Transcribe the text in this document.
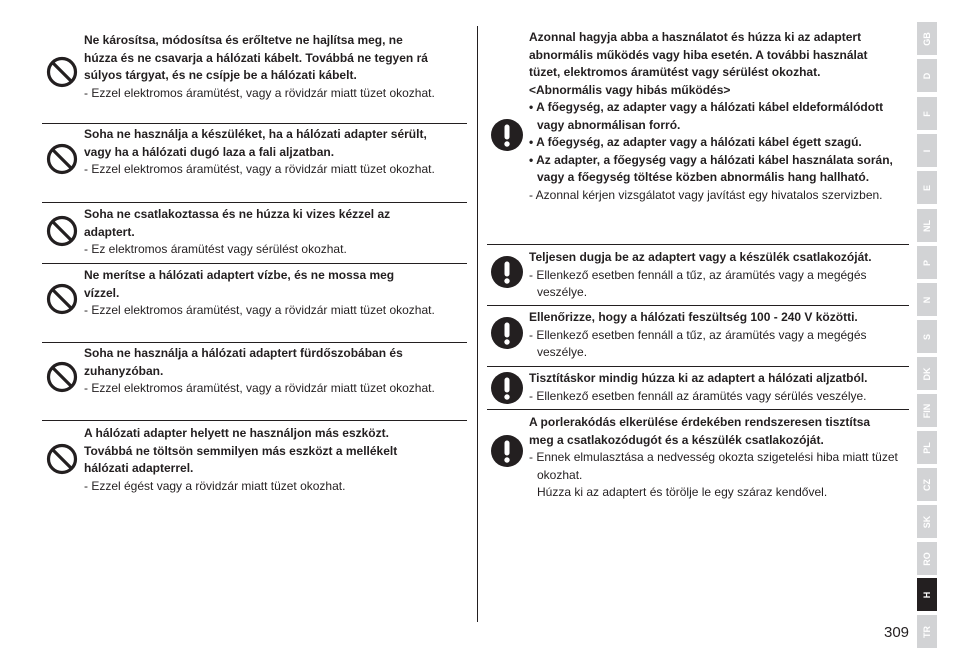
Ne károsítsa, módosítsa és erőltetve ne hajlítsa meg, ne
húzza és ne csavarja a hálózati kábelt. Továbbá ne tegyen rá
súlyos tárgyat, és ne csípje be a hálózati kábelt.
- Ezzel elektromos áramütést, vagy a rövidzár miatt tüzet okozhat.
Soha ne használja a készüléket, ha a hálózati adapter sérült,
vagy ha a hálózati dugó laza a fali aljzatban.
- Ezzel elektromos áramütést, vagy a rövidzár miatt tüzet okozhat.
Soha ne csatlakoztassa és ne húzza ki vizes kézzel az
adaptert.
- Ez elektromos áramütést vagy sérülést okozhat.
Ne merítse a hálózati adaptert vízbe, és ne mossa meg
vízzel.
- Ezzel elektromos áramütést, vagy a rövidzár miatt tüzet okozhat.
Soha ne használja a hálózati adaptert fürdőszobában és
zuhanyzóban.
- Ezzel elektromos áramütést, vagy a rövidzár miatt tüzet okozhat.
A hálózati adapter helyett ne használjon más eszközt.
Továbbá ne töltsön semmilyen más eszközt a mellékelt
hálózati adapterrel.
- Ezzel égést vagy a rövidzár miatt tüzet okozhat.
Azonnal hagyja abba a használatot és húzza ki az adaptert
abnormális működés vagy hiba esetén. A további használat
tüzet, elektromos áramütést vagy sérülést okozhat.
<Abnormális vagy hibás működés>
• A főegység, az adapter vagy a hálózati kábel eldeformálódott vagy abnormálisan forró.
• A főegység, az adapter vagy a hálózati kábel égett szagú.
• Az adapter, a főegység vagy a hálózati kábel használata során, vagy a főegység töltése közben abnormális hang hallható.
- Azonnal kérjen vizsgálatot vagy javítást egy hivatalos szervizben.
Teljesen dugja be az adaptert vagy a készülék csatlakozóját.
- Ellenkező esetben fennáll a tűz, az áramütés vagy a megégés veszélye.
Ellenőrizze, hogy a hálózati feszültség 100 - 240 V közötti.
- Ellenkező esetben fennáll a tűz, az áramütés vagy a megégés veszélye.
Tisztításkor mindig húzza ki az adaptert a hálózati aljzatból.
- Ellenkező esetben fennáll az áramütés vagy sérülés veszélye.
A porlerakódás elkerülése érdekében rendszeresen tisztítsa
meg a csatlakozódugót és a készülék csatlakozóját.
- Ennek elmulasztása a nedvesség okozta szigetelési hiba miatt tüzet okozhat.
Húzza ki az adaptert és törölje le egy száraz kendővel.
GB
D
F
I
E
NL
P
N
S
DK
FIN
PL
CZ
SK
RO
H
TR
309
